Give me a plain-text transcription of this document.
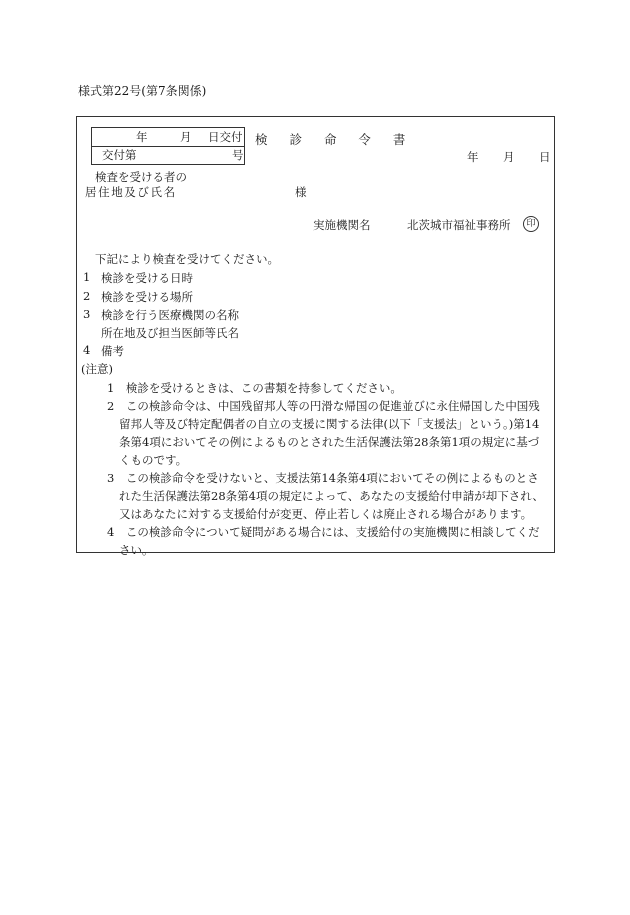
様式第22号(第7条関係)
年	月 日交付
交付第	号
検 診 命 令 書
年 月 日
検査を受ける者の
居住地及び氏名	様
実施機関名	北茨城市福祉事務所	印
下記により検査を受けてください。
1 検診を受ける日時
2 検診を受ける場所
3 検診を行う医療機関の名称
所在地及び担当医師等氏名
4 備考
(注意)
1　検診を受けるときは、この書類を持参してください。
2　この検診命令は、中国残留邦人等の円滑な帰国の促進並びに永住帰国した中国残留邦人等及び特定配偶者の自立の支援に関する法律(以下「支援法」という。)第14条第4項においてその例によるものとされた生活保護法第28条第1項の規定に基づくものです。
3　この検診命令を受けないと、支援法第14条第4項においてその例によるものとされた生活保護法第28条第4項の規定によって、あなたの支援給付申請が却下され、又はあなたに対する支援給付が変更、停止若しくは廃止される場合があります。
4　この検診命令について疑問がある場合には、支援給付の実施機関に相談してください。
